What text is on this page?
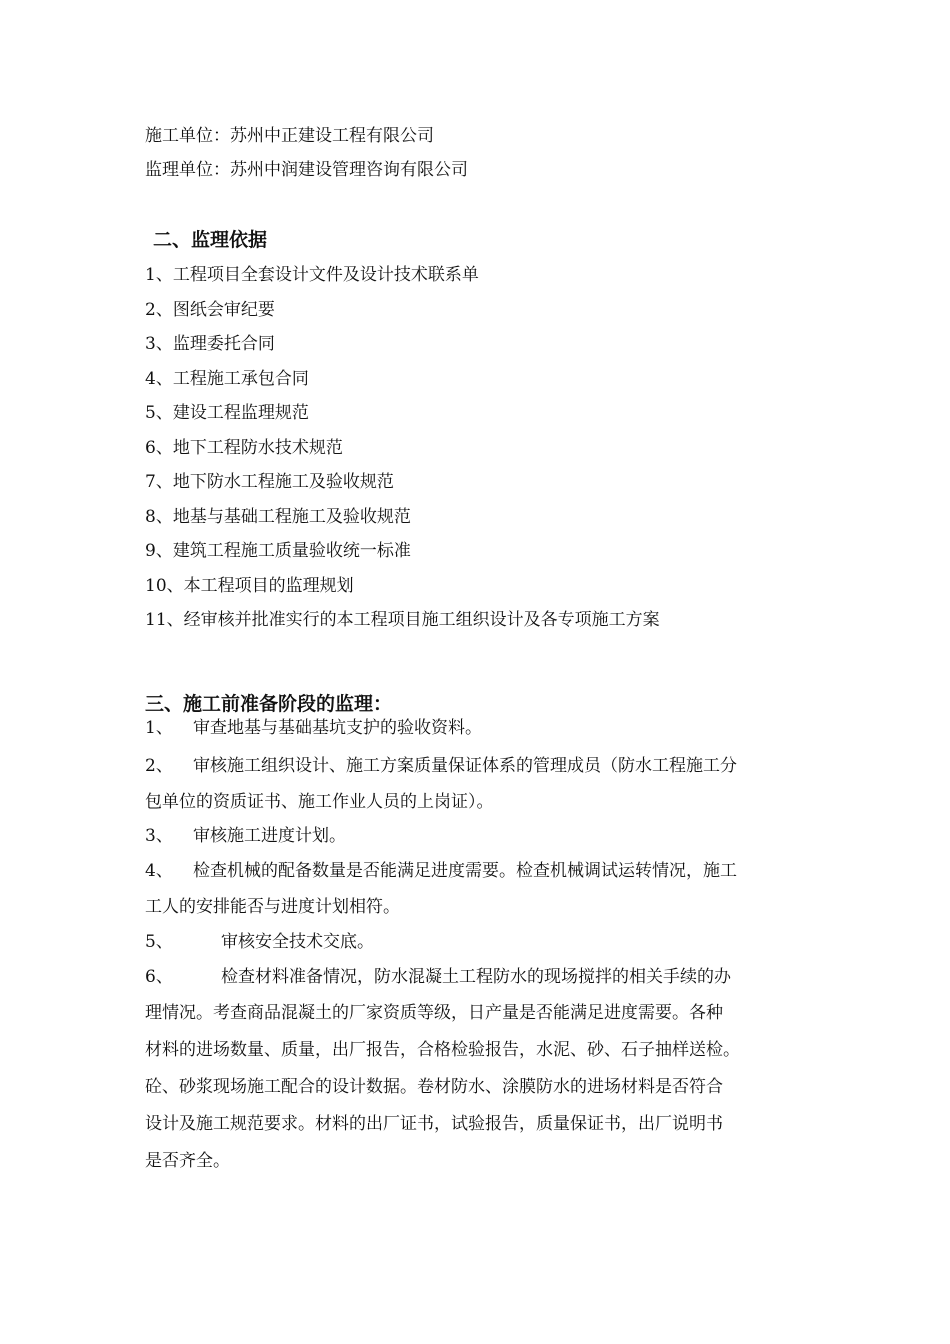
施工单位：苏州中正建设工程有限公司
监理单位：苏州中润建设管理咨询有限公司
二、监理依据
1、工程项目全套设计文件及设计技术联系单
2、图纸会审纪要
3、监理委托合同
4、工程施工承包合同
5、建设工程监理规范
6、地下工程防水技术规范
7、地下防水工程施工及验收规范
8、地基与基础工程施工及验收规范
9、建筑工程施工质量验收统一标准
10、本工程项目的监理规划
11、经审核并批准实行的本工程项目施工组织设计及各专项施工方案
三、施工前准备阶段的监理：
1、 审查地基与基础基坑支护的验收资料。
2、 审核施工组织设计、施工方案质量保证体系的管理成员（防水工程施工分
包单位的资质证书、施工作业人员的上岗证）。
3、 审核施工进度计划。
4、 检查机械的配备数量是否能满足进度需要。检查机械调试运转情况，施工
工人的安排能否与进度计划相符。
5、	审核安全技术交底。
6、	检查材料准备情况，防水混凝土工程防水的现场搅拌的相关手续的办
理情况。考查商品混凝土的厂家资质等级，日产量是否能满足进度需要。各种
材料的进场数量、质量，出厂报告，合格检验报告，水泥、砂、石子抽样送检。
砼、砂浆现场施工配合的设计数据。卷材防水、涂膜防水的进场材料是否符合
设计及施工规范要求。材料的出厂证书，试验报告，质量保证书，出厂说明书
是否齐全。
